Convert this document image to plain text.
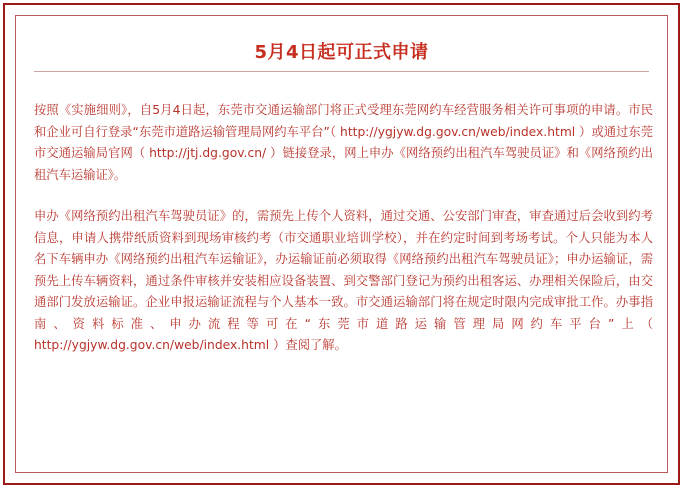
5月4日起可正式申请

按照《实施细则》，自5月4日起，东莞市交通运输部门将正式受理东莞网约车经营服务相关许可事项的申请。市民和企业可自行登录“东莞市道路运输管理局网约车平台”（ http://ygjyw.dg.gov.cn/web/index.html ）或通过东莞市交通运输局官网（ http://jtj.dg.gov.cn/ ）链接登录，网上申办《网络预约出租汽车驾驶员证》和《网络预约出租汽车运输证》。

申办《网络预约出租汽车驾驶员证》的，需预先上传个人资料，通过交通、公安部门审查，审查通过后会收到约考信息，申请人携带纸质资料到现场审核约考（市交通职业培训学校），并在约定时间到考场考试。个人只能为本人名下车辆申办《网络预约出租汽车运输证》，办运输证前必须取得《网络预约出租汽车驾驶员证》；申办运输证，需预先上传车辆资料，通过条件审核并安装相应设备装置、到交警部门登记为预约出租客运、办理相关保险后，由交通部门发放运输证。企业申报运输证流程与个人基本一致。市交通运输部门将在规定时限内完成审批工作。办事指南、资料标准、申办流程等可在“东莞市道路运输管理局网约车平台”上（ http://ygjyw.dg.gov.cn/web/index.html ）查阅了解。
